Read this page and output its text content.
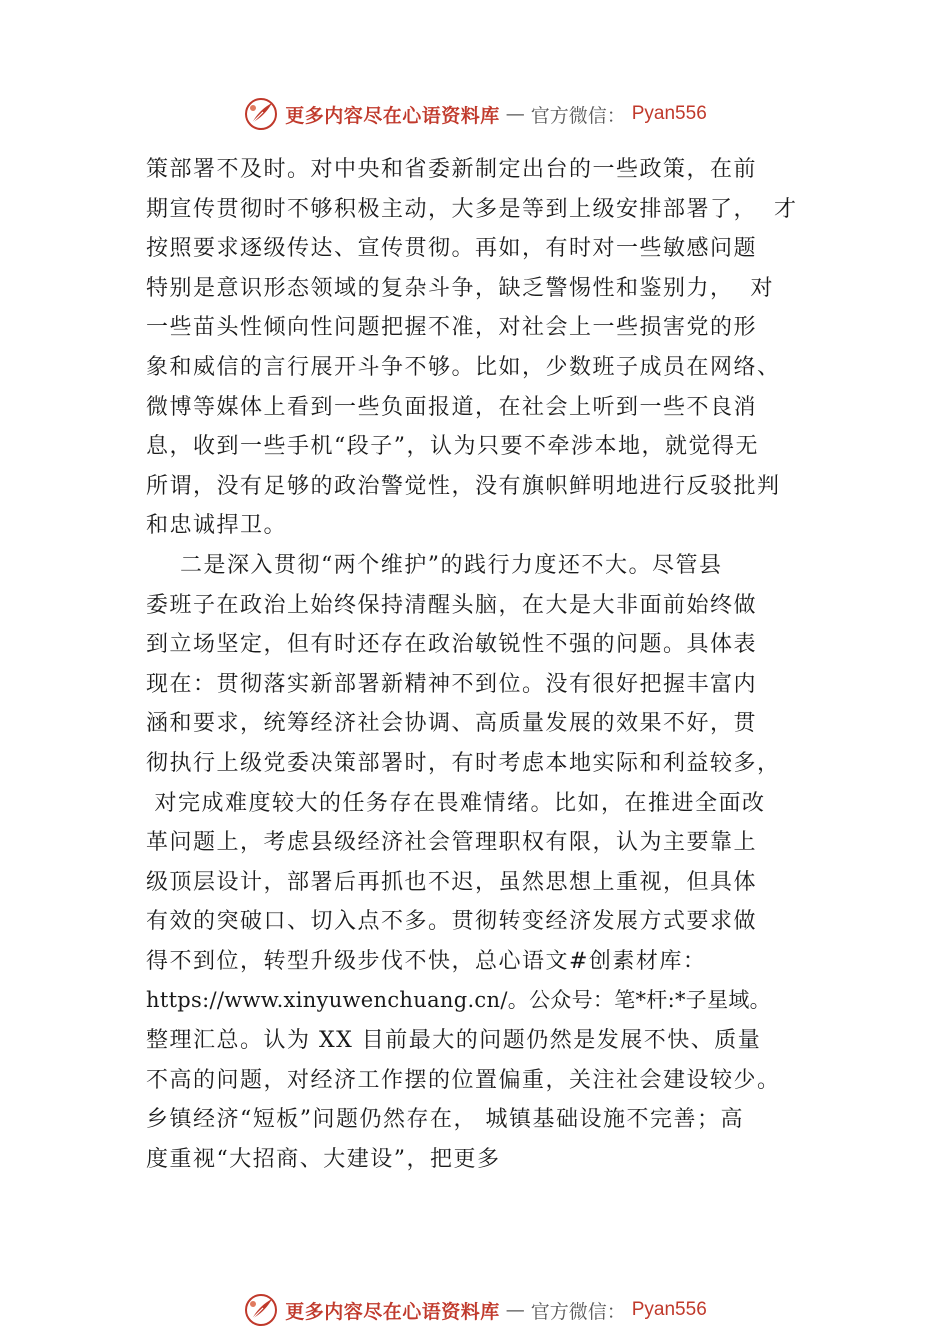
更多内容尽在心语资料库 — 官方微信： Pyan556
策部署不及时。对中央和省委新制定出台的一些政策，在前
期宣传贯彻时不够积极主动，大多是等到上级安排部署了，  才
按照要求逐级传达、宣传贯彻。再如，有时对一些敏感问题
特别是意识形态领域的复杂斗争，缺乏警惕性和鉴别力，  对
一些苗头性倾向性问题把握不准，对社会上一些损害党的形
象和威信的言行展开斗争不够。比如，少数班子成员在网络、
微博等媒体上看到一些负面报道，在社会上听到一些不良消
息，收到一些手机“段子”，认为只要不牵涉本地，就觉得无
所谓，没有足够的政治警觉性，没有旗帜鲜明地进行反驳批判
和忠诚捍卫。
二是深入贯彻“两个维护”的践行力度还不大。尽管县
委班子在政治上始终保持清醒头脑，在大是大非面前始终做
到立场坚定，但有时还存在政治敏锐性不强的问题。具体表
现在：贯彻落实新部署新精神不到位。没有很好把握丰富内
涵和要求，统筹经济社会协调、高质量发展的效果不好，贯
彻执行上级党委决策部署时，有时考虑本地实际和利益较多，
对完成难度较大的任务存在畏难情绪。比如，在推进全面改
革问题上，考虑县级经济社会管理职权有限，认为主要靠上
级顶层设计，部署后再抓也不迟，虽然思想上重视，但具体
有效的突破口、切入点不多。贯彻转变经济发展方式要求做
得不到位，转型升级步伐不快，总心语文#创素材库：
https://www.xinyuwenchuang.cn/。公众号：笔*杆:*子星域。
整理汇总。认为 XX 目前最大的问题仍然是发展不快、质量
不高的问题，对经济工作摆的位置偏重，关注社会建设较少。
乡镇经济“短板”问题仍然存在， 城镇基础设施不完善；高
度重视“大招商、大建设”，把更多
更多内容尽在心语资料库 — 官方微信： Pyan556
